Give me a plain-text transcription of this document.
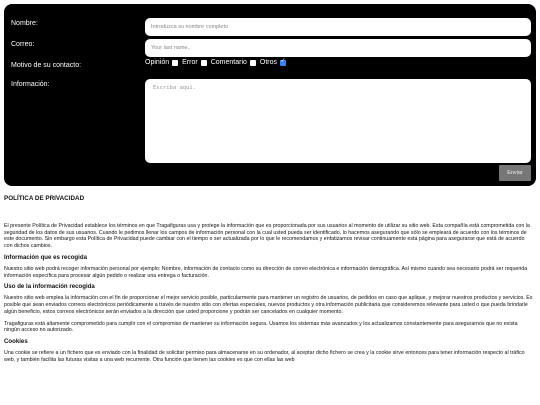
Nombre:	Introduzca su nombre completo
Correo:	Your last name..
Motivo de su contacto:	Opinión Error Comentario Otros
✓
Información:	Escriba aquí.
Enviar
POLÍTICA DE PRIVACIDAD

El presente Política de Privacidad establece los términos en que Tragafiguras usa y protege la información que es proporcionada por sus usuarios al momento de utilizar su sitio web. Esta compañía está comprometida con la seguridad de los datos de sus usuarios. Cuando le pedimos llenar los campos de información personal con la cual usted pueda ser identificado, lo hacemos asegurando que sólo se empleará de acuerdo con los términos de este documento. Sin embargo esta Política de Privacidad puede cambiar con el tiempo o ser actualizada por lo que le recomendamos y enfatizamos revisar continuamente esta página para asegurarse que está de acuerdo con dichos cambios.

Información que es recogida

Nuestro sitio web podrá recoger información personal por ejemplo: Nombre, información de contacto como su dirección de correo electrónica e información demográfica. Así mismo cuando sea necesario podrá ser requerida información específica para procesar algún pedido o realizar una entrega o facturación.

Uso de la información recogida

Nuestro sitio web emplea la información con el fin de proporcionar el mejor servicio posible, particularmente para mantener un registro de usuarios, de pedidos en caso que aplique, y mejorar nuestros productos y servicios. Es posible que sean enviados correos electrónicos periódicamente a través de nuestro sitio con ofertas especiales, nuevos productos y otra información publicitaria que consideremos relevante para usted o que pueda brindarle algún beneficio, estos correos electrónicos serán enviados a la dirección que usted proporcione y podrán ser cancelados en cualquier momento.

Tragafiguras está altamente comprometido para cumplir con el compromiso de mantener su información segura. Usamos los sistemas más avanzados y los actualizamos constantemente para asegurarnos que no exista ningún acceso no autorizado.

Cookies

Una cookie se refiere a un fichero que es enviado con la finalidad de solicitar permiso para almacenarse en su ordenador, al aceptar dicho fichero se crea y la cookie sirve entonces para tener información respecto al tráfico web, y también facilita las futuras visitas a una web recurrente. Otra función que tienen las cookies es que con ellas las web
